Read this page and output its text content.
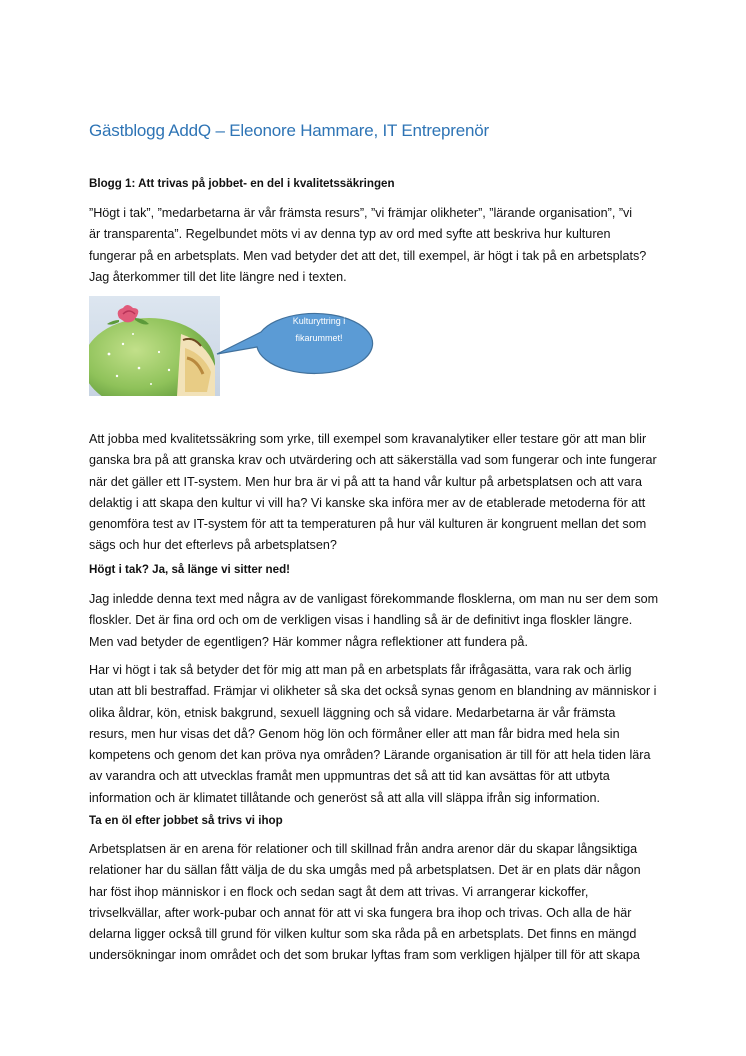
Gästblogg AddQ – Eleonore Hammare, IT Entreprenör
Blogg 1: Att trivas på jobbet- en del i kvalitetssäkringen
”Högt i tak”, ”medarbetarna är vår främsta resurs”, ”vi främjar olikheter”, ”lärande organisation”, ”vi
är transparenta”. Regelbundet möts vi av denna typ av ord med syfte att beskriva hur kulturen
fungerar på en arbetsplats. Men vad betyder det att det, till exempel, är högt i tak på en arbetsplats?
Jag återkommer till det lite längre ned i texten.
Kulturyttring i
fikarummet!
Att jobba med kvalitetssäkring som yrke, till exempel som kravanalytiker eller testare gör att man blir
ganska bra på att granska krav och utvärdering och att säkerställa vad som fungerar och inte fungerar
när det gäller ett IT-system. Men hur bra är vi på att ta hand vår kultur på arbetsplatsen och att vara
delaktig i att skapa den kultur vi vill ha? Vi kanske ska införa mer av de etablerade metoderna för att
genomföra test av IT-system för att ta temperaturen på hur väl kulturen är kongruent mellan det som
sägs och hur det efterlevs på arbetsplatsen?
Högt i tak? Ja, så länge vi sitter ned!
Jag inledde denna text med några av de vanligast förekommande flosklerna, om man nu ser dem som
floskler. Det är fina ord och om de verkligen visas i handling så är de definitivt inga floskler längre.
Men vad betyder de egentligen? Här kommer några reflektioner att fundera på.
Har vi högt i tak så betyder det för mig att man på en arbetsplats får ifrågasätta, vara rak och ärlig
utan att bli bestraffad. Främjar vi olikheter så ska det också synas genom en blandning av människor i
olika åldrar, kön, etnisk bakgrund, sexuell läggning och så vidare. Medarbetarna är vår främsta
resurs, men hur visas det då? Genom hög lön och förmåner eller att man får bidra med hela sin
kompetens och genom det kan pröva nya områden? Lärande organisation är till för att hela tiden lära
av varandra och att utvecklas framåt men uppmuntras det så att tid kan avsättas för att utbyta
information och är klimatet tillåtande och generöst så att alla vill släppa ifrån sig information.
Ta en öl efter jobbet så trivs vi ihop
Arbetsplatsen är en arena för relationer och till skillnad från andra arenor där du skapar långsiktiga
relationer har du sällan fått välja de du ska umgås med på arbetsplatsen. Det är en plats där någon
har föst ihop människor i en flock och sedan sagt åt dem att trivas. Vi arrangerar kickoffer,
trivselkvällar, after work-pubar och annat för att vi ska fungera bra ihop och trivas. Och alla de här
delarna ligger också till grund för vilken kultur som ska råda på en arbetsplats. Det finns en mängd
undersökningar inom området och det som brukar lyftas fram som verkligen hjälper till för att skapa
